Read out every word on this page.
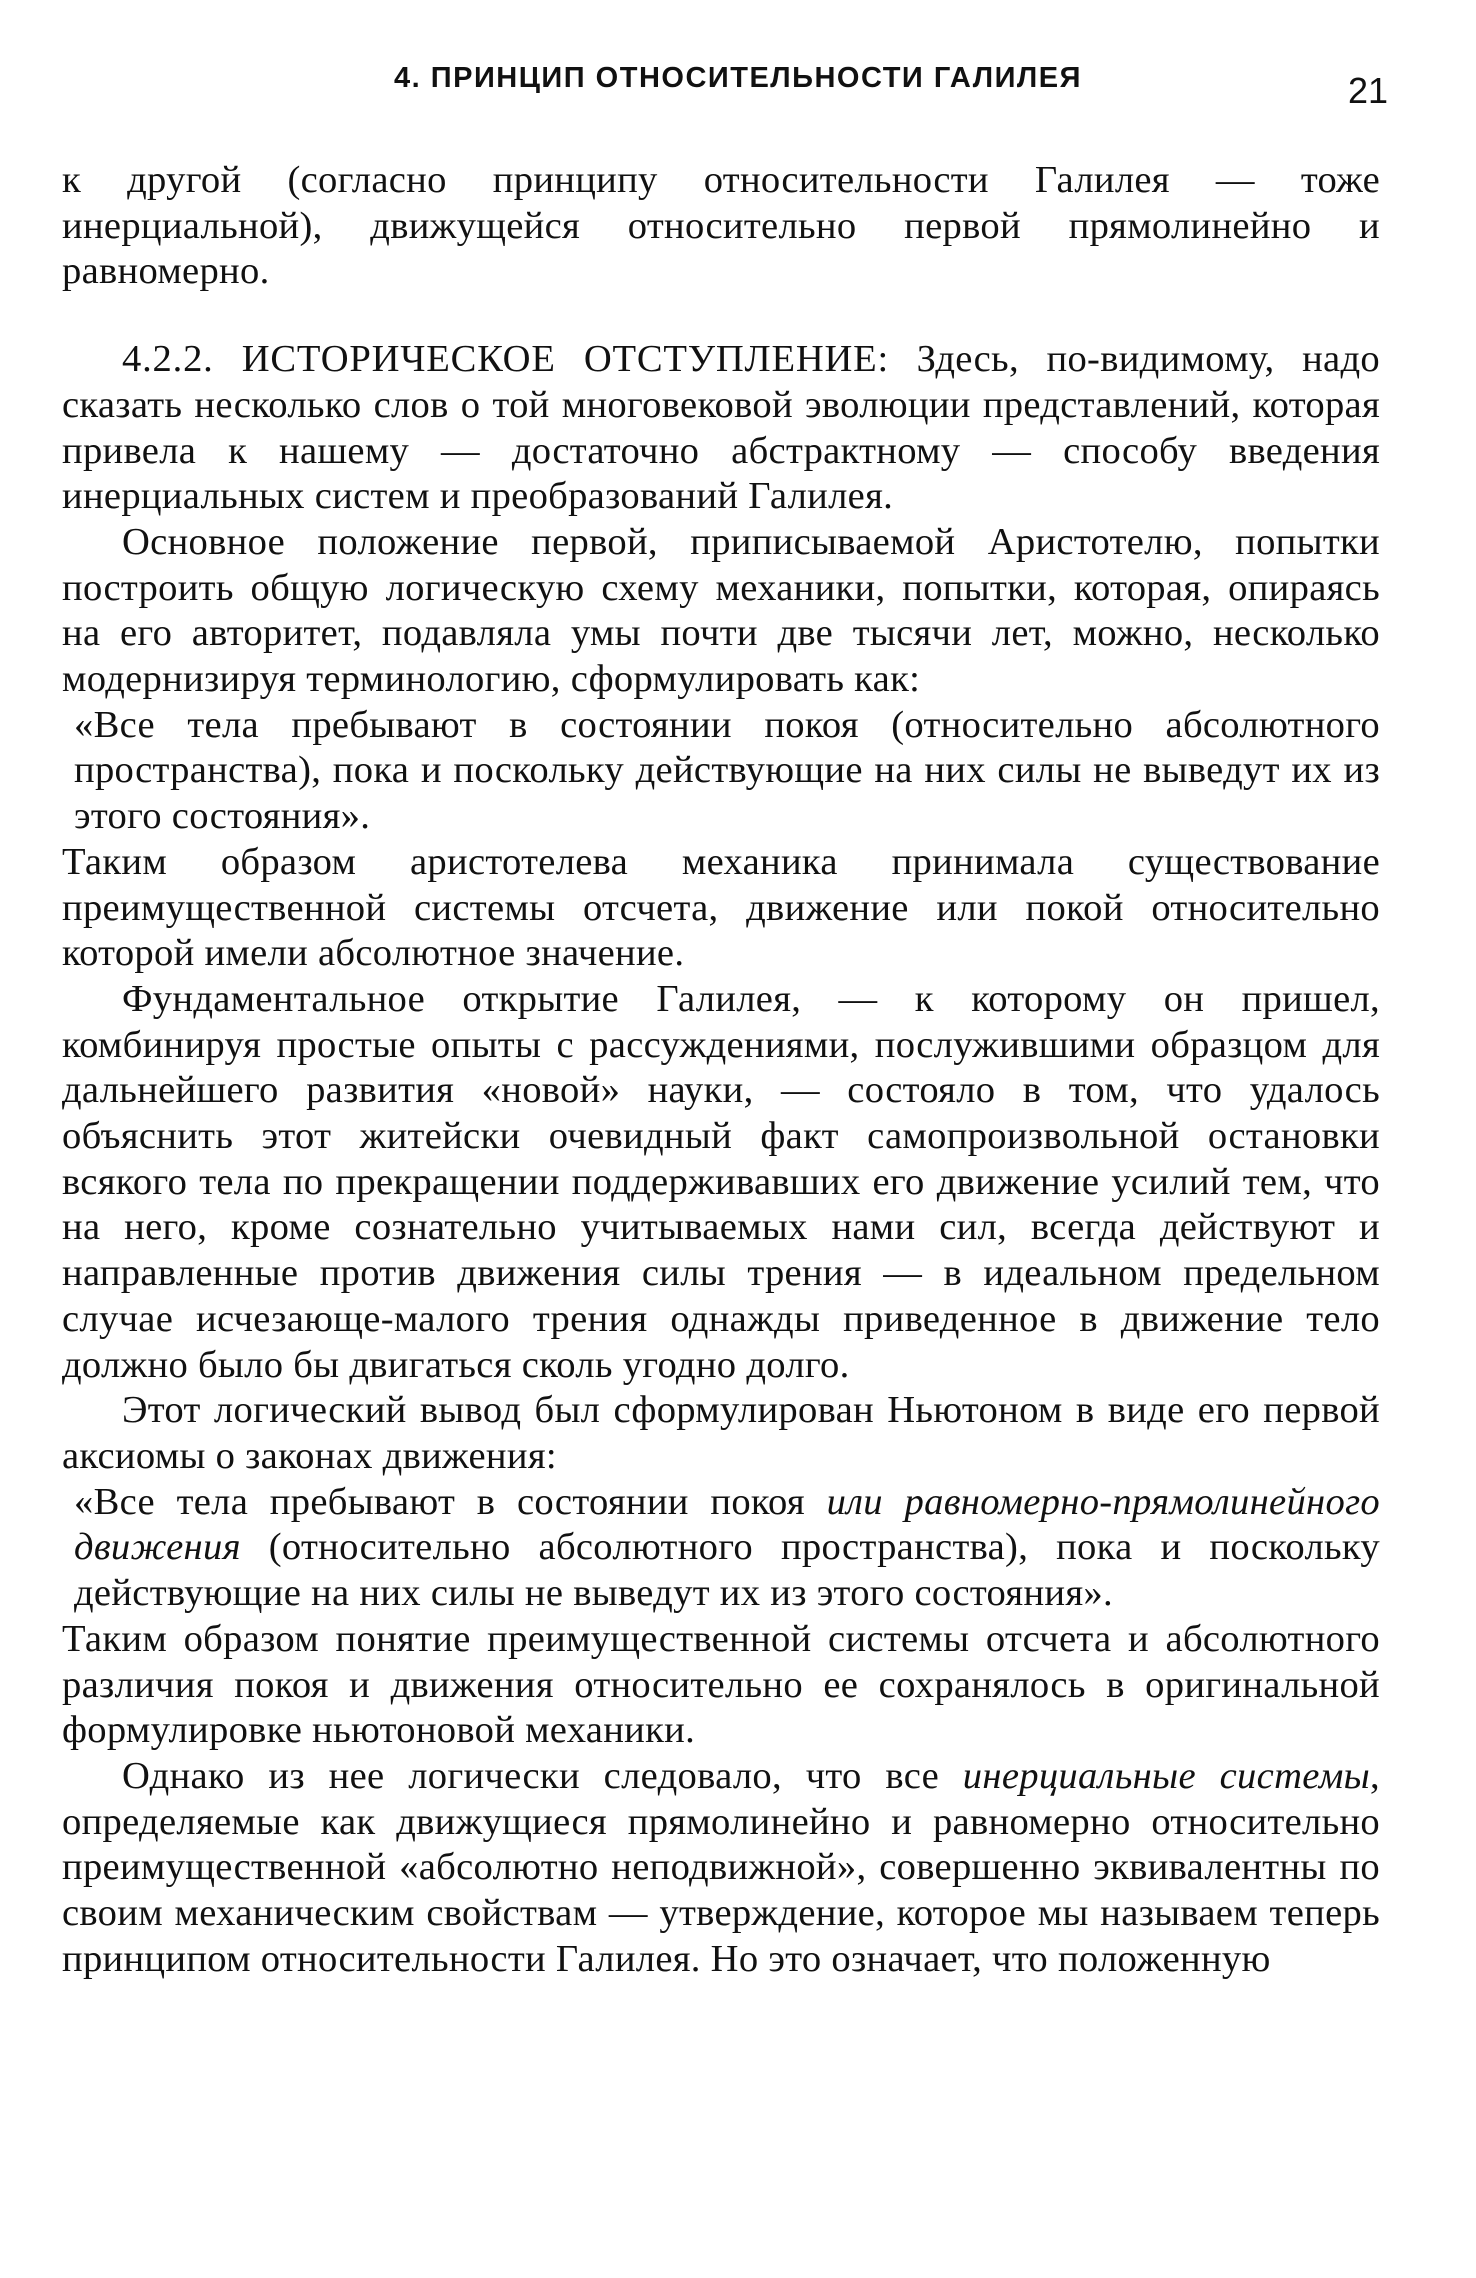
4. ПРИНЦИП ОТНОСИТЕЛЬНОСТИ ГАЛИЛЕЯ	21

к другой (согласно принципу относительности Галилея — тоже инерциальной), движущейся относительно первой прямолинейно и равномерно.

4.2.2. ИСТОРИЧЕСКОЕ ОТСТУПЛЕНИЕ: Здесь, по-видимому, надо сказать несколько слов о той многовековой эволюции представлений, которая привела к нашему — достаточно абстрактному — способу введения инерциальных систем и преобразований Галилея.

Основное положение первой, приписываемой Аристотелю, попытки построить общую логическую схему механики, попытки, которая, опираясь на его авторитет, подавляла умы почти две тысячи лет, можно, несколько модернизируя терминологию, сформулировать как:

«Все тела пребывают в состоянии покоя (относительно абсолютного пространства), пока и поскольку действующие на них силы не выведут их из этого состояния».

Таким образом аристотелева механика принимала существование преимущественной системы отсчета, движение или покой относительно которой имели абсолютное значение.

Фундаментальное открытие Галилея, — к которому он пришел, комбинируя простые опыты с рассуждениями, послужившими образцом для дальнейшего развития «новой» науки, — состояло в том, что удалось объяснить этот житейски очевидный факт самопроизвольной остановки всякого тела по прекращении поддерживавших его движение усилий тем, что на него, кроме сознательно учитываемых нами сил, всегда действуют и направленные против движения силы трения — в идеальном предельном случае исчезающе-малого трения однажды приведенное в движение тело должно было бы двигаться сколь угодно долго.

Этот логический вывод был сформулирован Ньютоном в виде его первой аксиомы о законах движения:

«Все тела пребывают в состоянии покоя или равномерно-прямолинейного движения (относительно абсолютного пространства), пока и поскольку действующие на них силы не выведут их из этого состояния».

Таким образом понятие преимущественной системы отсчета и абсолютного различия покоя и движения относительно ее сохранялось в оригинальной формулировке ньютоновой механики.

Однако из нее логически следовало, что все инерциальные системы, определяемые как движущиеся прямолинейно и равномерно относительно преимущественной «абсолютно неподвижной», совершенно эквивалентны по своим механическим свойствам — утверждение, которое мы называем теперь принципом относительности Галилея. Но это означает, что положенную
